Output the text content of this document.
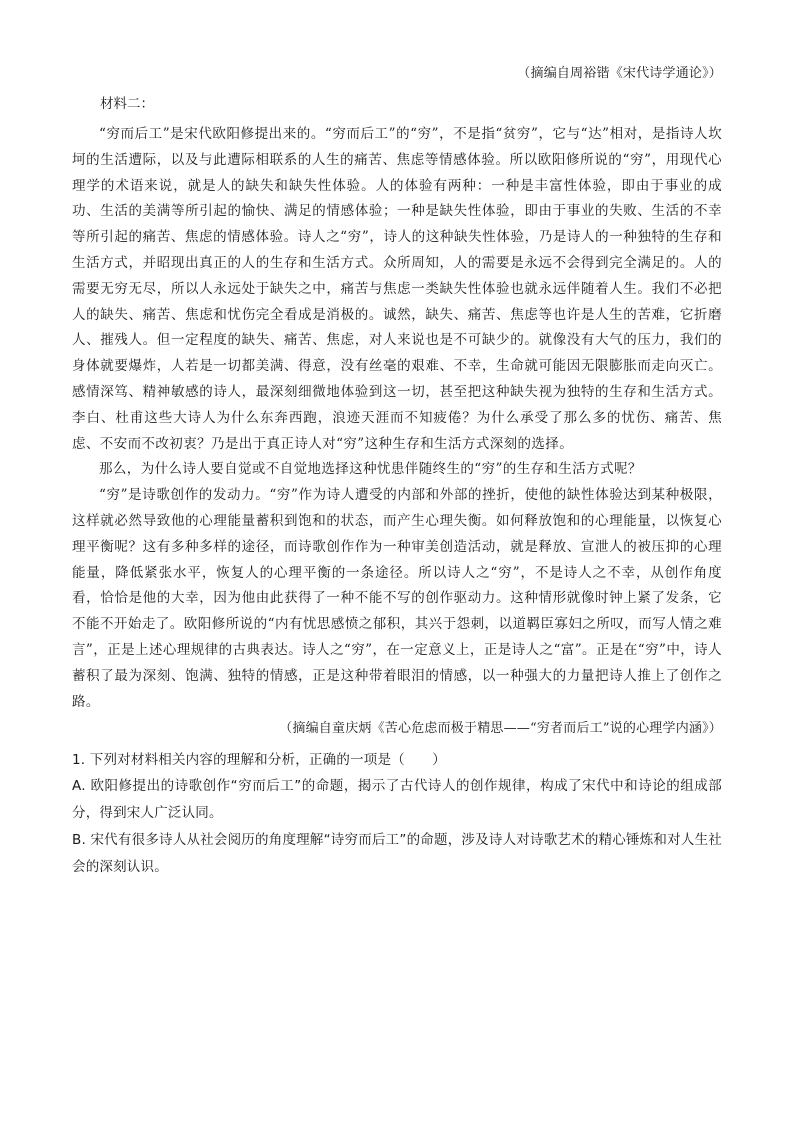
（摘编自周裕锴《宋代诗学通论》）
材料二：

“穷而后工”是宋代欧阳修提出来的。“穷而后工”的“穷”，不是指“贫穷”，它与“达”相对，是指诗人坎坷的生活遭际，以及与此遭际相联系的人生的痛苦、焦虑等情感体验。所以欧阳修所说的“穷”，用现代心理学的术语来说，就是人的缺失和缺失性体验。人的体验有两种：一种是丰富性体验，即由于事业的成功、生活的美满等所引起的愉快、满足的情感体验；一种是缺失性体验，即由于事业的失败、生活的不幸等所引起的痛苦、焦虑的情感体验。诗人之“穷”，诗人的这种缺失性体验，乃是诗人的一种独特的生存和生活方式，并昭现出真正的人的生存和生活方式。众所周知，人的需要是永远不会得到完全满足的。人的需要无穷无尽，所以人永远处于缺失之中，痛苦与焦虑一类缺失性体验也就永远伴随着人生。我们不必把人的缺失、痛苦、焦虑和忧伤完全看成是消极的。诚然，缺失、痛苦、焦虑等也许是人生的苦难，它折磨人、摧残人。但一定程度的缺失、痛苦、焦虑，对人来说也是不可缺少的。就像没有大气的压力，我们的身体就要爆炸，人若是一切都美满、得意，没有丝毫的艰难、不幸，生命就可能因无限膨胀而走向灭亡。感情深笃、精神敏感的诗人，最深刻细微地体验到这一切，甚至把这种缺失视为独特的生存和生活方式。李白、杜甫这些大诗人为什么东奔西跑，浪迹天涯而不知疲倦？为什么承受了那么多的忧伤、痛苦、焦虑、不安而不改初衷？乃是出于真正诗人对“穷”这种生存和生活方式深刻的选择。

那么，为什么诗人要自觉或不自觉地选择这种忧患伴随终生的“穷”的生存和生活方式呢？

“穷”是诗歌创作的发动力。“穷”作为诗人遭受的内部和外部的挫折，使他的缺性体验达到某种极限，这样就必然导致他的心理能量蓄积到饱和的状态，而产生心理失衡。如何释放饱和的心理能量，以恢复心理平衡呢？这有多种多样的途径，而诗歌创作作为一种审美创造活动，就是释放、宣泄人的被压抑的心理能量，降低紧张水平，恢复人的心理平衡的一条途径。所以诗人之“穷”，不是诗人之不幸，从创作角度看，恰恰是他的大幸，因为他由此获得了一种不能不写的创作驱动力。这种情形就像时钟上紧了发条，它不能不开始走了。欧阳修所说的“内有忧思感愤之郁积，其兴于怨刺，以道羁臣寡妇之所叹，而写人情之难言”，正是上述心理规律的古典表达。诗人之“穷”，在一定意义上，正是诗人之“富”。正是在“穷”中，诗人蓄积了最为深刻、饱满、独特的情感，正是这种带着眼泪的情感，以一种强大的力量把诗人推上了创作之路。

（摘编自童庆炳《苦心危虑而极于精思——“穷者而后工”说的心理学内涵》）

1. 下列对材料相关内容的理解和分析，正确的一项是（　　）

A. 欧阳修提出的诗歌创作“穷而后工”的命题，揭示了古代诗人的创作规律，构成了宋代中和诗论的组成部分，得到宋人广泛认同。

B. 宋代有很多诗人从社会阅历的角度理解“诗穷而后工”的命题，涉及诗人对诗歌艺术的精心锤炼和对人生社会的深刻认识。
